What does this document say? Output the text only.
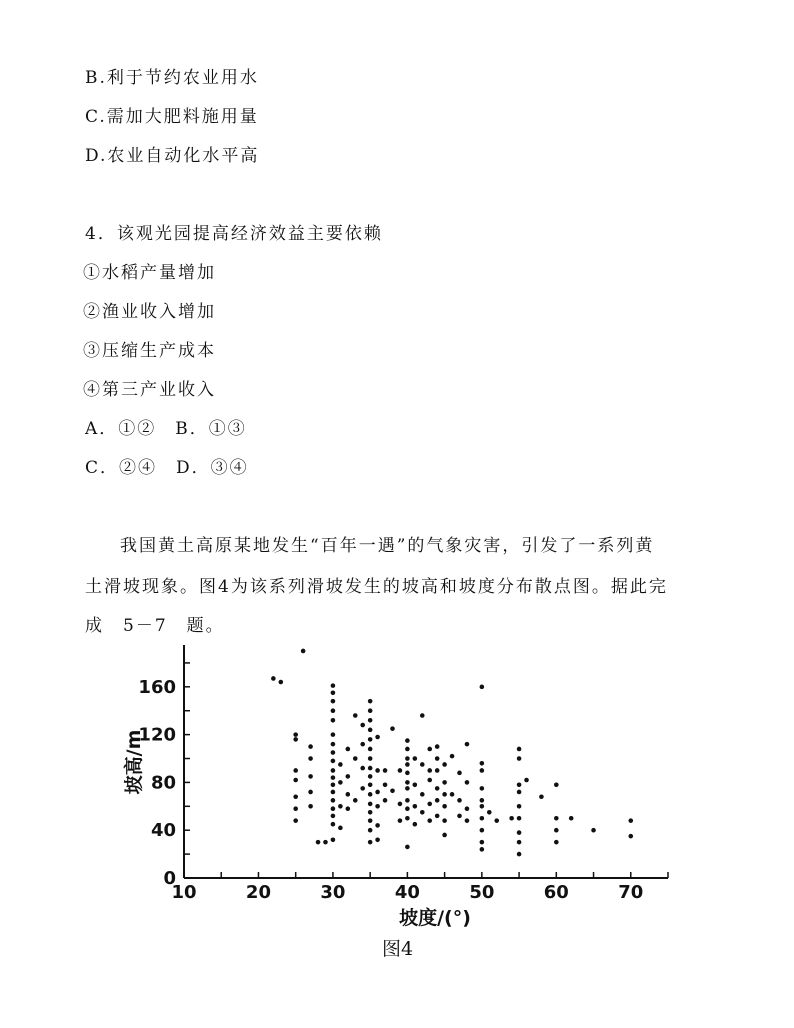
B.利于节约农业用水
C.需加大肥料施用量
D.农业自动化水平高
4．该观光园提高经济效益主要依赖
①水稻产量增加
②渔业收入增加
③压缩生产成本
④第三产业收入
A．①②　B．①③
C．②④　D．③④
我国黄土高原某地发生“百年一遇”的气象灾害，引发了一系列黄
土滑坡现象。图4为该系列滑坡发生的坡高和坡度分布散点图。据此完
成　5－7　题。
10	20	30	40	50	60	70
0
40
80
120
160
坡度/(°)
坡高/m
图4
